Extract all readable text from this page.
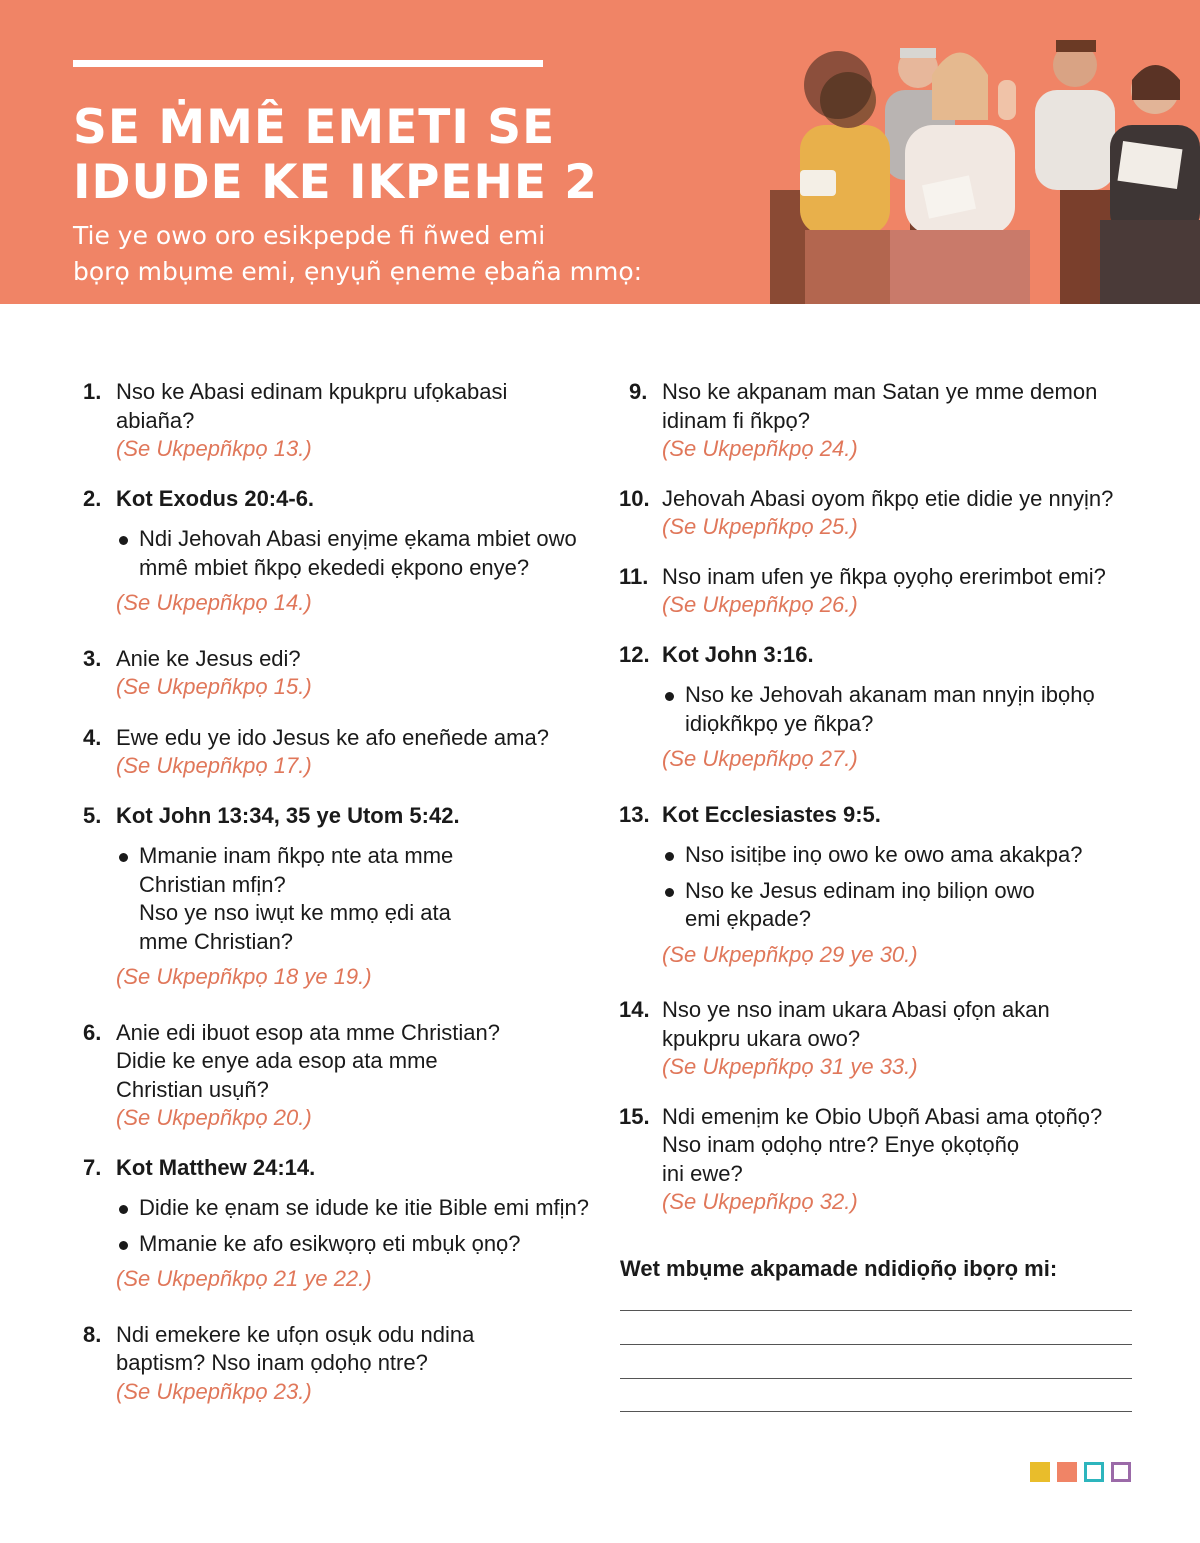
SE ṀMÊ EMETI SE
IDUDE KE IKPEHE 2
Tie ye owo oro esikpepde fi ñwed emi
bọrọ mbụme emi, ẹnyụñ ẹneme ẹbaña mmọ:
1. Nso ke Abasi edinam kpukpru ufọkabasi
abiaña?
(Se Ukpepñkpọ 13.)
2. Kot Exodus 20:4-6.
Ndi Jehovah Abasi enyịme ẹkama mbiet owo
ṁmê mbiet ñkpọ ekededi ẹkpono enye?
(Se Ukpepñkpọ 14.)
3. Anie ke Jesus edi?
(Se Ukpepñkpọ 15.)
4. Ewe edu ye ido Jesus ke afo eneñede ama?
(Se Ukpepñkpọ 17.)
5. Kot John 13:34, 35 ye Utom 5:42.
Mmanie inam ñkpọ nte ata mme
Christian mfịn?
Nso ye nso iwụt ke mmọ ẹdi ata
mme Christian?
(Se Ukpepñkpọ 18 ye 19.)
6. Anie edi ibuot esop ata mme Christian?
Didie ke enye ada esop ata mme
Christian usụñ?
(Se Ukpepñkpọ 20.)
7. Kot Matthew 24:14.
Didie ke ẹnam se idude ke itie Bible emi mfịn?
Mmanie ke afo esikwọrọ eti mbụk ọnọ?
(Se Ukpepñkpọ 21 ye 22.)
8. Ndi emekere ke ufọn osụk odu ndina
baptism? Nso inam ọdọhọ ntre?
(Se Ukpepñkpọ 23.)
9. Nso ke akpanam man Satan ye mme demon
idinam fi ñkpọ?
(Se Ukpepñkpọ 24.)
10. Jehovah Abasi oyom ñkpọ etie didie ye nnyịn?
(Se Ukpepñkpọ 25.)
11. Nso inam ufen ye ñkpa ọyọhọ ererimbot emi?
(Se Ukpepñkpọ 26.)
12. Kot John 3:16.
Nso ke Jehovah akanam man nnyịn ibọhọ
idiọkñkpọ ye ñkpa?
(Se Ukpepñkpọ 27.)
13. Kot Ecclesiastes 9:5.
Nso isitịbe inọ owo ke owo ama akakpa?
Nso ke Jesus edinam inọ biliọn owo
emi ẹkpade?
(Se Ukpepñkpọ 29 ye 30.)
14. Nso ye nso inam ukara Abasi ọfọn akan
kpukpru ukara owo?
(Se Ukpepñkpọ 31 ye 33.)
15. Ndi emenịm ke Obio Ubọñ Abasi ama ọtọñọ?
Nso inam ọdọhọ ntre? Enye ọkọtọñọ
ini ewe?
(Se Ukpepñkpọ 32.)
Wet mbụme akpamade ndidiọñọ ibọrọ mi:
